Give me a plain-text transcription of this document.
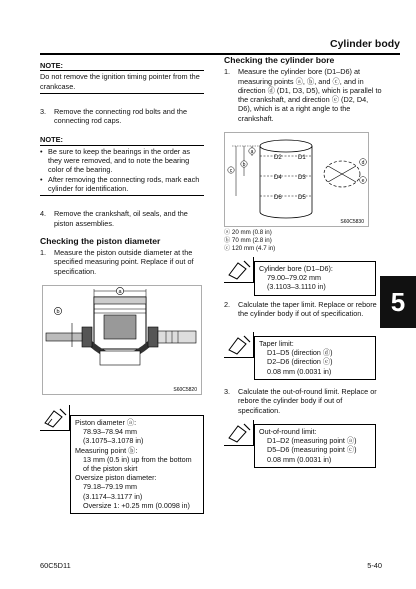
Cylinder body
NOTE:
Do not remove the ignition timing pointer from the crankcase.
3.	Remove the connecting rod bolts and the connecting rod caps.
NOTE:
• Be sure to keep the bearings in the order as they were removed, and to note the bearing color of the bearing.
• After removing the connecting rods, mark each cylinder for identification.
4.	Remove the crankshaft, oil seals, and the piston assemblies.
Checking the piston diameter
1.	Measure the piston outside diameter at the specified measuring point. Replace if out of specification.
a
b
S60C5820
Piston diameter ⓐ:
78.93–78.94 mm
(3.1075–3.1078 in)
Measuring point ⓑ:
13 mm (0.5 in) up from the bottom
of the piston skirt
Oversize piston diameter:
79.18–79.19 mm
(3.1174–3.1177 in)
Oversize 1: +0.25 mm (0.0098 in)
Checking the cylinder bore
1.	Measure the cylinder bore (D1–D6) at measuring points ⓐ, ⓑ, and ⓒ, and in direction ⓓ (D1, D3, D5), which is parallel to the crankshaft, and direction ⓔ (D2, D4, D6), which is at a right angle to the crankshaft.
D2	D1
D4	D3
D6	D5
a
b
c
d
e
S60C5830
ⓐ 20 mm (0.8 in)
ⓑ 70 mm (2.8 in)
ⓒ 120 mm (4.7 in)
Cylinder bore (D1–D6):
79.00–79.02 mm
(3.1103–3.1110 in)
2.	Calculate the taper limit. Replace or rebore the cylinder body if out of specification.
Taper limit:
D1–D5 (direction ⓓ)
D2–D6 (direction ⓔ)
0.08 mm (0.0031 in)
3.	Calculate the out-of-round limit. Replace or rebore the cylinder body if out of specification.
Out-of-round limit:
D1–D2 (measuring point ⓐ)
D5–D6 (measuring point ⓒ)
0.08 mm (0.0031 in)
5
60C5D11	5-40
